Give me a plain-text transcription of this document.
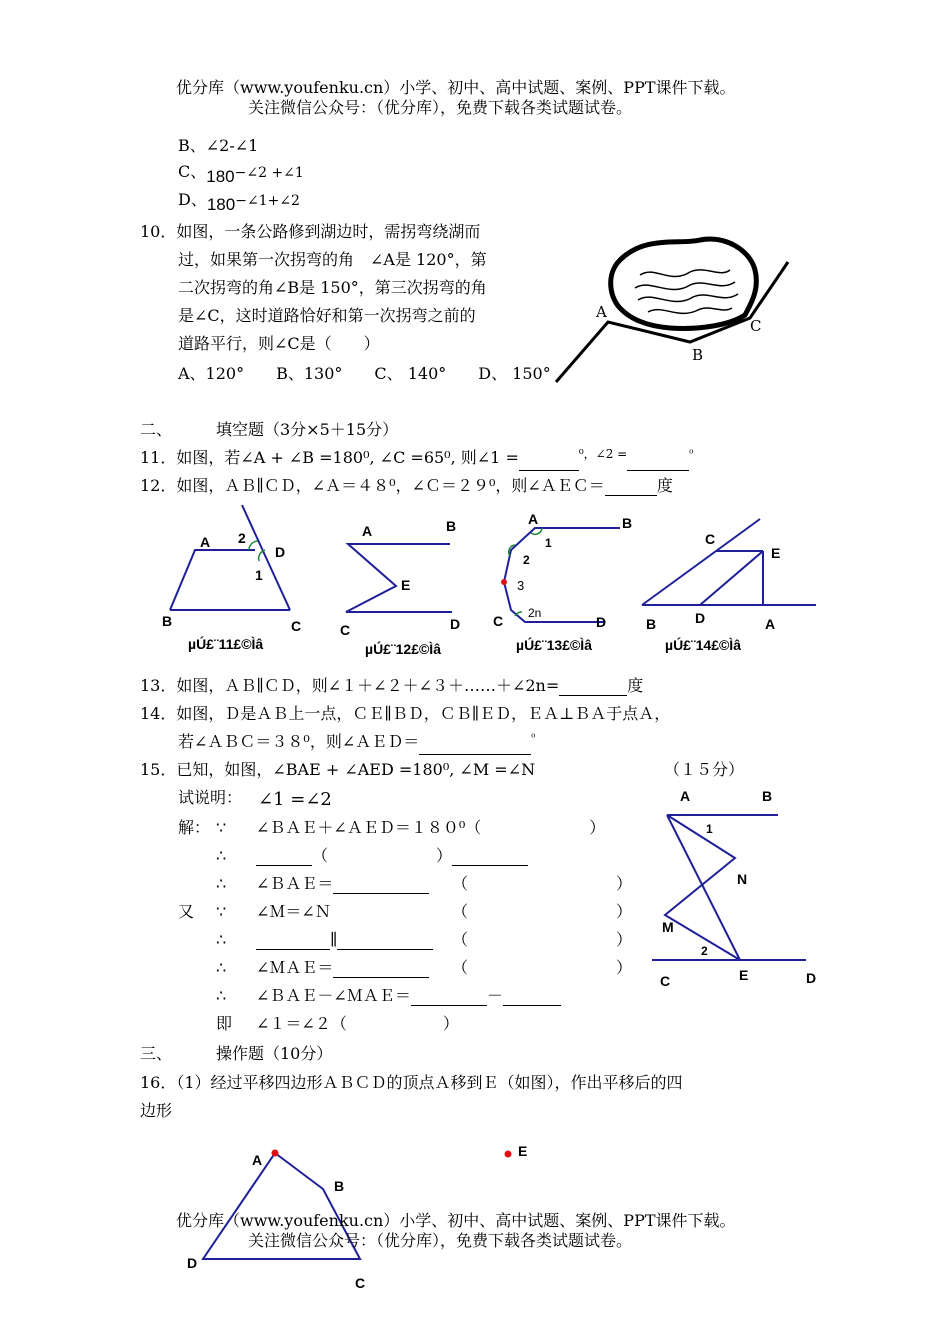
优分库（www.youfenku.cn）小学、初中、高中试题、案例、PPT课件下载。
关注微信公众号：（优分库），免费下载各类试题试卷。
B、∠2-∠1
C、180−∠2 +∠1
D、180−∠1+∠2
10．如图，一条公路修到湖边时，需拐弯绕湖而
过，如果第一次拐弯的角　∠A是 120°，第
二次拐弯的角∠B是 150°，第三次拐弯的角
是∠C，这时道路恰好和第一次拐弯之前的
道路平行，则∠C是（　　）
A、120°　　B、130°　　C、 140°　　D、 150°
A
B
C
二、	填空题（3分×5＋15分）
11．如图，若∠A + ∠B =180⁰, ∠C =65⁰, 则∠1 =	$^{^0,\angle 2 =}$	$^{^0}$
12．如图，ＡＢ∥ＣＤ，∠Ａ＝４８⁰，∠Ｃ＝２９⁰，则∠ＡＥＣ＝	度
A 2
D
1
B	C
µÚ£¨11£©Ìâ
A	B
E
C	D
µÚ£¨12£©Ìâ
A	B
1
2
3
2n
C	D
µÚ£¨13£©Ìâ
C
E
D
B	A
µÚ£¨14£©Ìâ
13．如图，ＡＢ∥ＣＤ，则∠１＋∠２＋∠３＋……＋∠2n=	度
14．如图，Ｄ是ＡＢ上一点，ＣＥ∥ＢＤ，ＣＢ∥ＥＤ，ＥＡ⊥ＢＡ于点Ａ，
若∠ＡＢＣ＝３８⁰，则∠ＡＥＤ＝	$^{^0}$
15．已知，如图，∠BAE + ∠AED =180⁰, ∠M =∠N	（１５分）
试说明： ∠1 =∠2
解： ∵ ∠ＢＡＥ＋∠ＡＥＤ＝１８０⁰（	）
∴	（	）
∴ ∠ＢＡＥ＝	（	）
又 ∵ ∠Ｍ＝∠Ｎ	（	）
∴	∥	（	）
∴ ∠ＭＡＥ＝	（	）
∴ ∠ＢＡＥ－∠ＭＡＥ＝	－
即 ∠１＝∠２（	）
A	B
1
N
M
2
C	E	D
三、	操作题（10分）
16．（1）经过平移四边形ＡＢＣＤ的顶点Ａ移到Ｅ（如图），作出平移后的四
边形
A
B
E
D
C
优分库（www.youfenku.cn）小学、初中、高中试题、案例、PPT课件下载。
关注微信公众号：（优分库），免费下载各类试题试卷。
